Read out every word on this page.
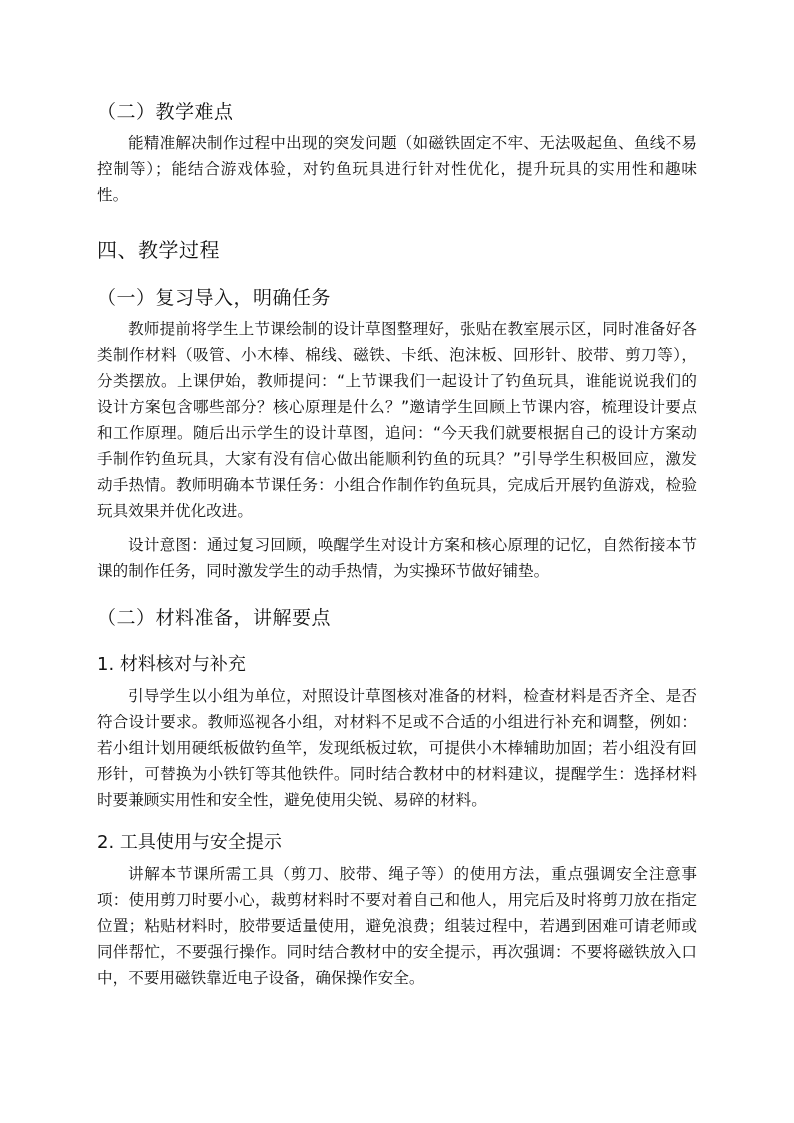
（二）教学难点

能精准解决制作过程中出现的突发问题（如磁铁固定不牢、无法吸起鱼、鱼线不易控制等）；能结合游戏体验，对钓鱼玩具进行针对性优化，提升玩具的实用性和趣味性。

四、教学过程
（一）复习导入，明确任务

教师提前将学生上节课绘制的设计草图整理好，张贴在教室展示区，同时准备好各类制作材料（吸管、小木棒、棉线、磁铁、卡纸、泡沫板、回形针、胶带、剪刀等），分类摆放。上课伊始，教师提问：“上节课我们一起设计了钓鱼玩具，谁能说说我们的设计方案包含哪些部分？核心原理是什么？”邀请学生回顾上节课内容，梳理设计要点和工作原理。随后出示学生的设计草图，追问：“今天我们就要根据自己的设计方案动手制作钓鱼玩具，大家有没有信心做出能顺利钓鱼的玩具？”引导学生积极回应，激发动手热情。教师明确本节课任务：小组合作制作钓鱼玩具，完成后开展钓鱼游戏，检验玩具效果并优化改进。

设计意图：通过复习回顾，唤醒学生对设计方案和核心原理的记忆，自然衔接本节课的制作任务，同时激发学生的动手热情，为实操环节做好铺垫。

（二）材料准备，讲解要点
1. 材料核对与补充

引导学生以小组为单位，对照设计草图核对准备的材料，检查材料是否齐全、是否符合设计要求。教师巡视各小组，对材料不足或不合适的小组进行补充和调整，例如：若小组计划用硬纸板做钓鱼竿，发现纸板过软，可提供小木棒辅助加固；若小组没有回形针，可替换为小铁钉等其他铁件。同时结合教材中的材料建议，提醒学生：选择材料时要兼顾实用性和安全性，避免使用尖锐、易碎的材料。

2. 工具使用与安全提示

讲解本节课所需工具（剪刀、胶带、绳子等）的使用方法，重点强调安全注意事项：使用剪刀时要小心，裁剪材料时不要对着自己和他人，用完后及时将剪刀放在指定位置；粘贴材料时，胶带要适量使用，避免浪费；组装过程中，若遇到困难可请老师或同伴帮忙，不要强行操作。同时结合教材中的安全提示，再次强调：不要将磁铁放入口中，不要用磁铁靠近电子设备，确保操作安全。
